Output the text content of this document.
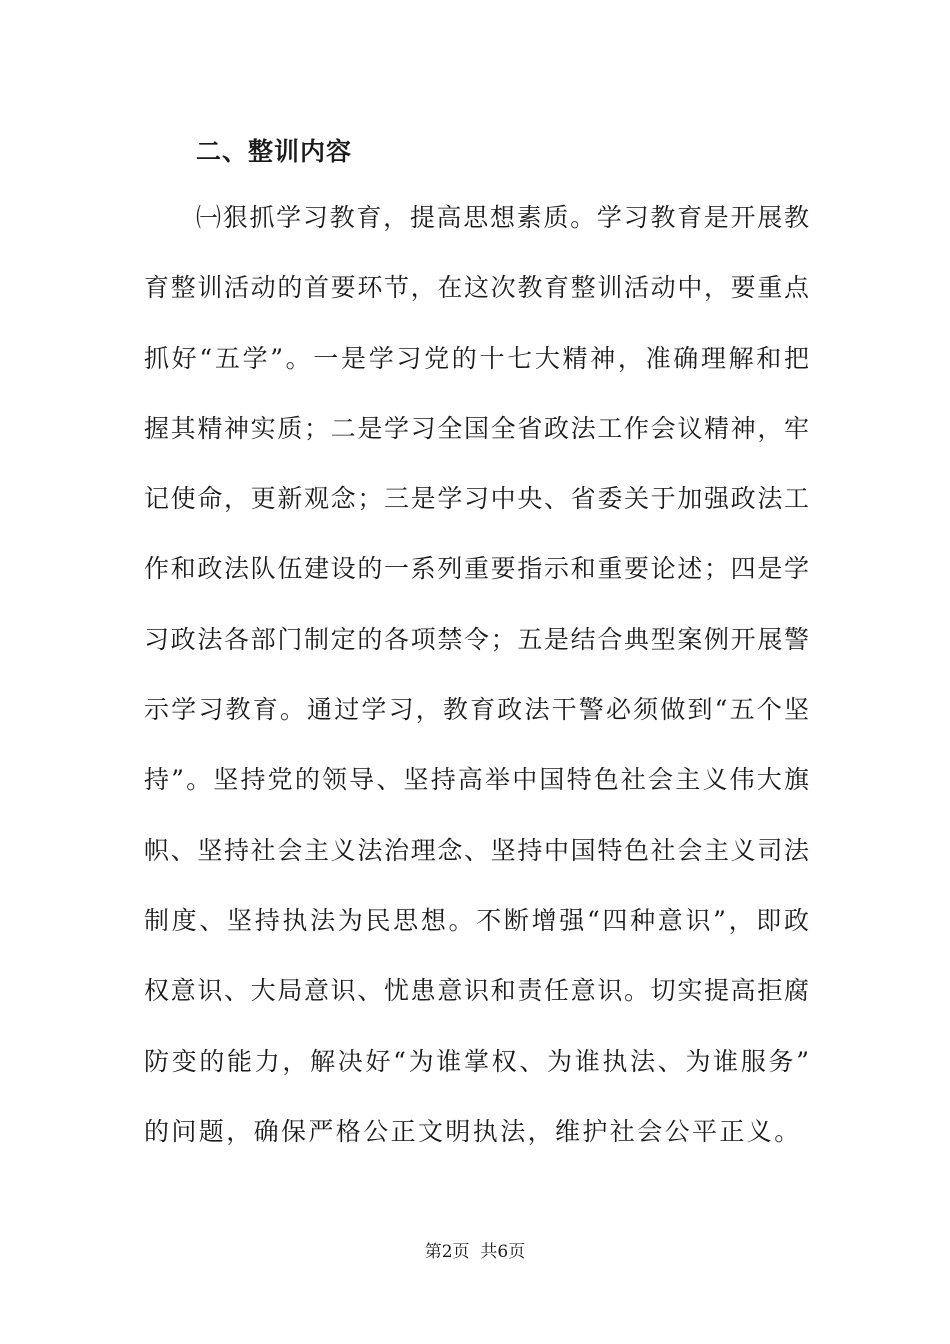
二、整训内容
㈠狠抓学习教育，提高思想素质。学习教育是开展教
育整训活动的首要环节，在这次教育整训活动中，要重点
抓好“五学”。一是学习党的十七大精神，准确理解和把
握其精神实质；二是学习全国全省政法工作会议精神，牢
记使命，更新观念；三是学习中央、省委关于加强政法工
作和政法队伍建设的一系列重要指示和重要论述；四是学
习政法各部门制定的各项禁令；五是结合典型案例开展警
示学习教育。通过学习，教育政法干警必须做到“五个坚
持”。坚持党的领导、坚持高举中国特色社会主义伟大旗
帜、坚持社会主义法治理念、坚持中国特色社会主义司法
制度、坚持执法为民思想。不断增强“四种意识”，即政
权意识、大局意识、忧患意识和责任意识。切实提高拒腐
防变的能力，解决好“为谁掌权、为谁执法、为谁服务”
的问题，确保严格公正文明执法，维护社会公平正义。
第2页  共6页
